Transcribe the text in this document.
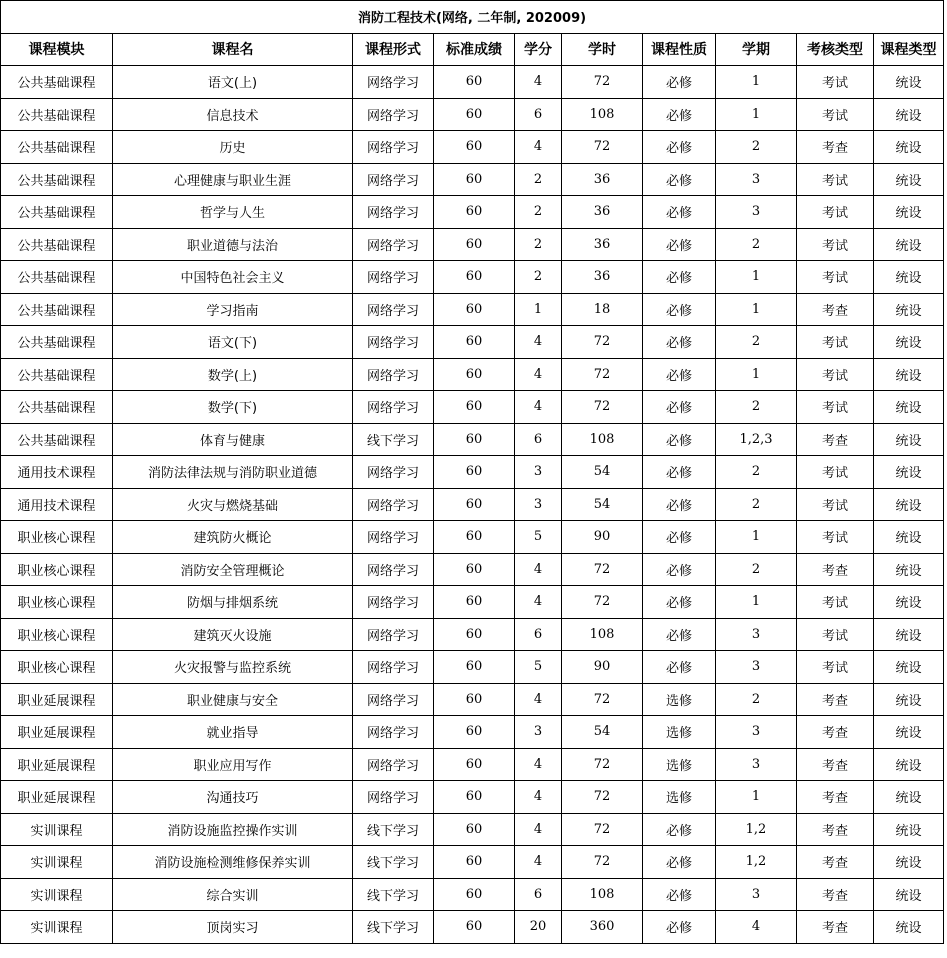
消防工程技术(网络, 二年制, 202009)									
课程模块	课程名	课程形式	标准成绩	学分	学时	课程性质	学期	考核类型	课程类型
公共基础课程	语文(上)	网络学习	60	4	72	必修	1	考试	统设
公共基础课程	信息技术	网络学习	60	6	108	必修	1	考试	统设
公共基础课程	历史	网络学习	60	4	72	必修	2	考查	统设
公共基础课程	心理健康与职业生涯	网络学习	60	2	36	必修	3	考试	统设
公共基础课程	哲学与人生	网络学习	60	2	36	必修	3	考试	统设
公共基础课程	职业道德与法治	网络学习	60	2	36	必修	2	考试	统设
公共基础课程	中国特色社会主义	网络学习	60	2	36	必修	1	考试	统设
公共基础课程	学习指南	网络学习	60	1	18	必修	1	考查	统设
公共基础课程	语文(下)	网络学习	60	4	72	必修	2	考试	统设
公共基础课程	数学(上)	网络学习	60	4	72	必修	1	考试	统设
公共基础课程	数学(下)	网络学习	60	4	72	必修	2	考试	统设
公共基础课程	体育与健康	线下学习	60	6	108	必修	1,2,3	考查	统设
通用技术课程	消防法律法规与消防职业道德	网络学习	60	3	54	必修	2	考试	统设
通用技术课程	火灾与燃烧基础	网络学习	60	3	54	必修	2	考试	统设
职业核心课程	建筑防火概论	网络学习	60	5	90	必修	1	考试	统设
职业核心课程	消防安全管理概论	网络学习	60	4	72	必修	2	考查	统设
职业核心课程	防烟与排烟系统	网络学习	60	4	72	必修	1	考试	统设
职业核心课程	建筑灭火设施	网络学习	60	6	108	必修	3	考试	统设
职业核心课程	火灾报警与监控系统	网络学习	60	5	90	必修	3	考试	统设
职业延展课程	职业健康与安全	网络学习	60	4	72	选修	2	考查	统设
职业延展课程	就业指导	网络学习	60	3	54	选修	3	考查	统设
职业延展课程	职业应用写作	网络学习	60	4	72	选修	3	考查	统设
职业延展课程	沟通技巧	网络学习	60	4	72	选修	1	考查	统设
实训课程	消防设施监控操作实训	线下学习	60	4	72	必修	1,2	考查	统设
实训课程	消防设施检测维修保养实训	线下学习	60	4	72	必修	1,2	考查	统设
实训课程	综合实训	线下学习	60	6	108	必修	3	考查	统设
实训课程	顶岗实习	线下学习	60	20	360	必修	4	考查	统设
